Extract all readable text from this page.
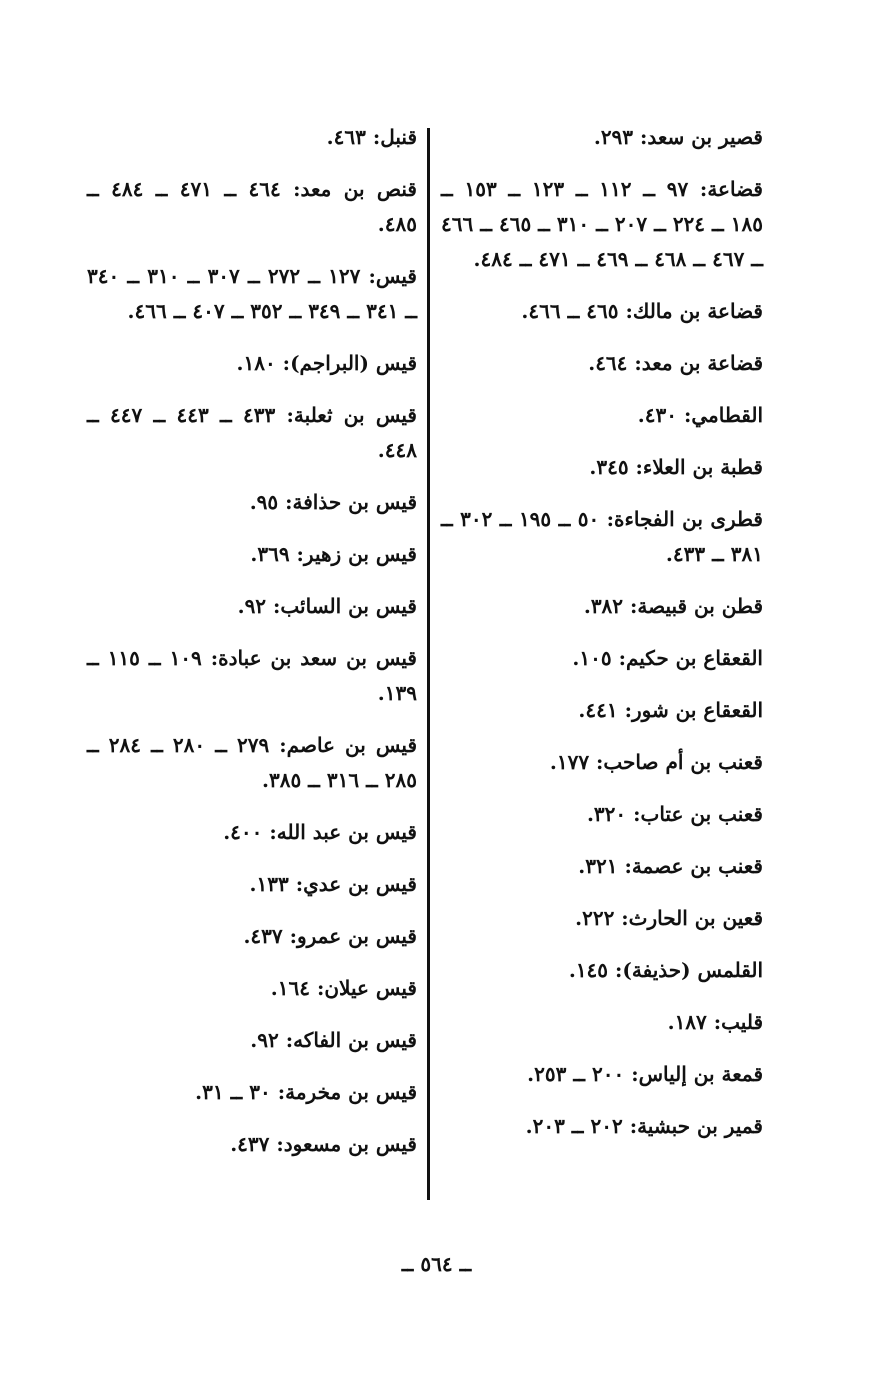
قصير بن سعد: ٢٩٣.
قضاعة: ٩٧ ــ ١١٢ ــ ١٢٣ ــ ١٥٣ ــ ١٨٥ ــ ٢٢٤ ــ ٢٠٧ ــ ٣١٠ ــ ٤٦٥ ــ ٤٦٦ ــ ٤٦٧ ــ ٤٦٨ ــ ٤٦٩ ــ ٤٧١ ــ ٤٨٤.
قضاعة بن مالك: ٤٦٥ ــ ٤٦٦.
قضاعة بن معد: ٤٦٤.
القطامي: ٤٣٠.
قطبة بن العلاء: ٣٤٥.
قطرى بن الفجاءة: ٥٠ ــ ١٩٥ ــ ٣٠٢ ــ ٣٨١ ــ ٤٣٣.
قطن بن قبيصة: ٣٨٢.
القعقاع بن حكيم: ١٠٥.
القعقاع بن شور: ٤٤١.
قعنب بن أم صاحب: ١٧٧.
قعنب بن عتاب: ٣٢٠.
قعنب بن عصمة: ٣٢١.
قعين بن الحارث: ٢٢٢.
القلمس (حذيفة): ١٤٥.
قليب: ١٨٧.
قمعة بن إلياس: ٢٠٠ ــ ٢٥٣.
قمير بن حبشية: ٢٠٢ ــ ٢٠٣.
قنبل: ٤٦٣.
قنص بن معد: ٤٦٤ ــ ٤٧١ ــ ٤٨٤ ــ ٤٨٥.
قيس: ١٢٧ ــ ٢٧٢ ــ ٣٠٧ ــ ٣١٠ ــ ٣٤٠ ــ ٣٤١ ــ ٣٤٩ ــ ٣٥٢ ــ ٤٠٧ ــ ٤٦٦.
قيس (البراجم): ١٨٠.
قيس بن ثعلبة: ٤٣٣ ــ ٤٤٣ ــ ٤٤٧ ــ ٤٤٨.
قيس بن حذافة: ٩٥.
قيس بن زهير: ٣٦٩.
قيس بن السائب: ٩٢.
قيس بن سعد بن عبادة: ١٠٩ ــ ١١٥ ــ ١٣٩.
قيس بن عاصم: ٢٧٩ ــ ٢٨٠ ــ ٢٨٤ ــ ٢٨٥ ــ ٣١٦ ــ ٣٨٥.
قيس بن عبد الله: ٤٠٠.
قيس بن عدي: ١٣٣.
قيس بن عمرو: ٤٣٧.
قيس عيلان: ١٦٤.
قيس بن الفاكه: ٩٢.
قيس بن مخرمة: ٣٠ ــ ٣١.
قيس بن مسعود: ٤٣٧.
ــ ٥٦٤ ــ
